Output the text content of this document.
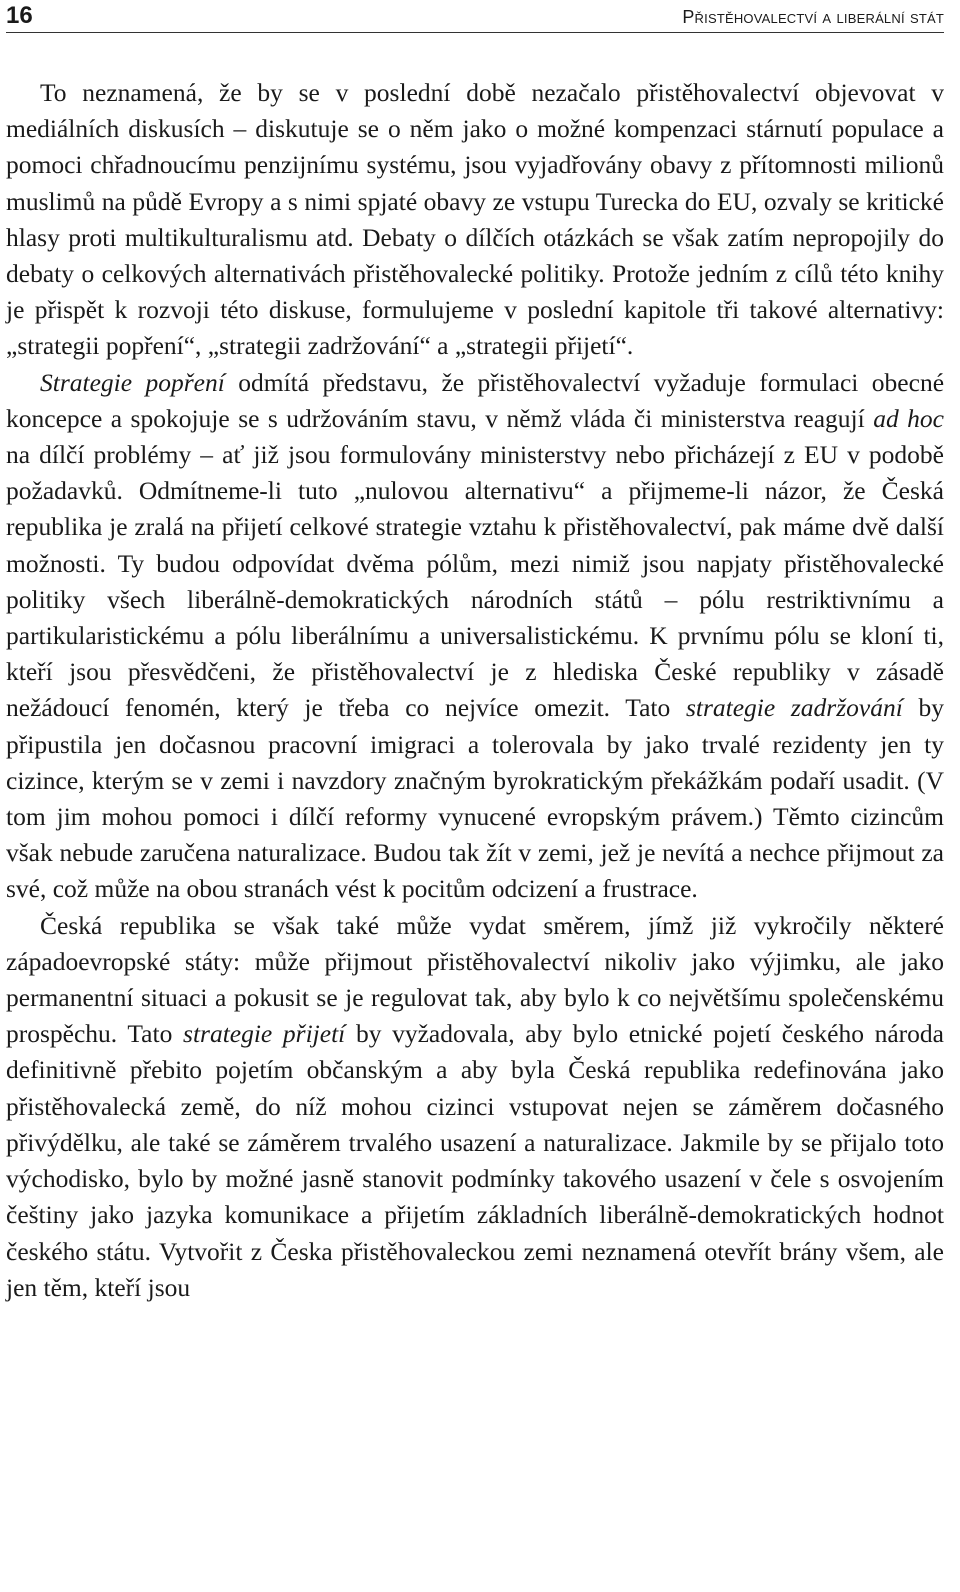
16	Přistěhovalectví a liberální stát

To neznamená, že by se v poslední době nezačalo přistěhovalectví objevovat v mediálních diskusích – diskutuje se o něm jako o možné kompenzaci stárnutí populace a pomoci chřadnoucímu penzijnímu systému, jsou vyjadřovány obavy z přítomnosti milionů muslimů na půdě Evropy a s nimi spjaté obavy ze vstupu Turecka do EU, ozvaly se kritické hlasy proti multikulturalismu atd. Debaty o dílčích otázkách se však zatím nepropojily do debaty o celkových alternativách přistěhovalecké politiky. Protože jedním z cílů této knihy je přispět k rozvoji této diskuse, formulujeme v poslední kapitole tři takové alternativy: „strategii popření“, „strategii zadržování“ a „strategii přijetí“.

Strategie popření odmítá představu, že přistěhovalectví vyžaduje formulaci obecné koncepce a spokojuje se s udržováním stavu, v němž vláda či ministerstva reagují ad hoc na dílčí problémy – ať již jsou formulovány ministerstvy nebo přicházejí z EU v podobě požadavků. Odmítneme-li tuto „nulovou alternativu“ a přijmeme-li názor, že Česká republika je zralá na přijetí celkové strategie vztahu k přistěhovalectví, pak máme dvě další možnosti. Ty budou odpovídat dvěma pólům, mezi nimiž jsou napjaty přistěhovalecké politiky všech liberálně-demokratických národních států – pólu restriktivnímu a partikularistickému a pólu liberálnímu a universalistickému. K prvnímu pólu se kloní ti, kteří jsou přesvědčeni, že přistěhovalectví je z hlediska České republiky v zásadě nežádoucí fenomén, který je třeba co nejvíce omezit. Tato strategie zadržování by připustila jen dočasnou pracovní imigraci a tolerovala by jako trvalé rezidenty jen ty cizince, kterým se v zemi i navzdory značným byrokratickým překážkám podaří usadit. (V tom jim mohou pomoci i dílčí reformy vynucené evropským právem.) Těmto cizincům však nebude zaručena naturalizace. Budou tak žít v zemi, jež je nevítá a nechce přijmout za své, což může na obou stranách vést k pocitům odcizení a frustrace.

Česká republika se však také může vydat směrem, jímž již vykročily některé západoevropské státy: může přijmout přistěhovalectví nikoliv jako výjimku, ale jako permanentní situaci a pokusit se je regulovat tak, aby bylo k co největšímu společenskému prospěchu. Tato strategie přijetí by vyžadovala, aby bylo etnické pojetí českého národa definitivně přebito pojetím občanským a aby byla Česká republika redefinována jako přistěhovalecká země, do níž mohou cizinci vstupovat nejen se záměrem dočasného přivýdělku, ale také se záměrem trvalého usazení a naturalizace. Jakmile by se přijalo toto východisko, bylo by možné jasně stanovit podmínky takového usazení v čele s osvojením češtiny jako jazyka komunikace a přijetím základních liberálně-demokratických hodnot českého státu. Vytvořit z Česka přistěhovaleckou zemi neznamená otevřít brány všem, ale jen těm, kteří jsou
